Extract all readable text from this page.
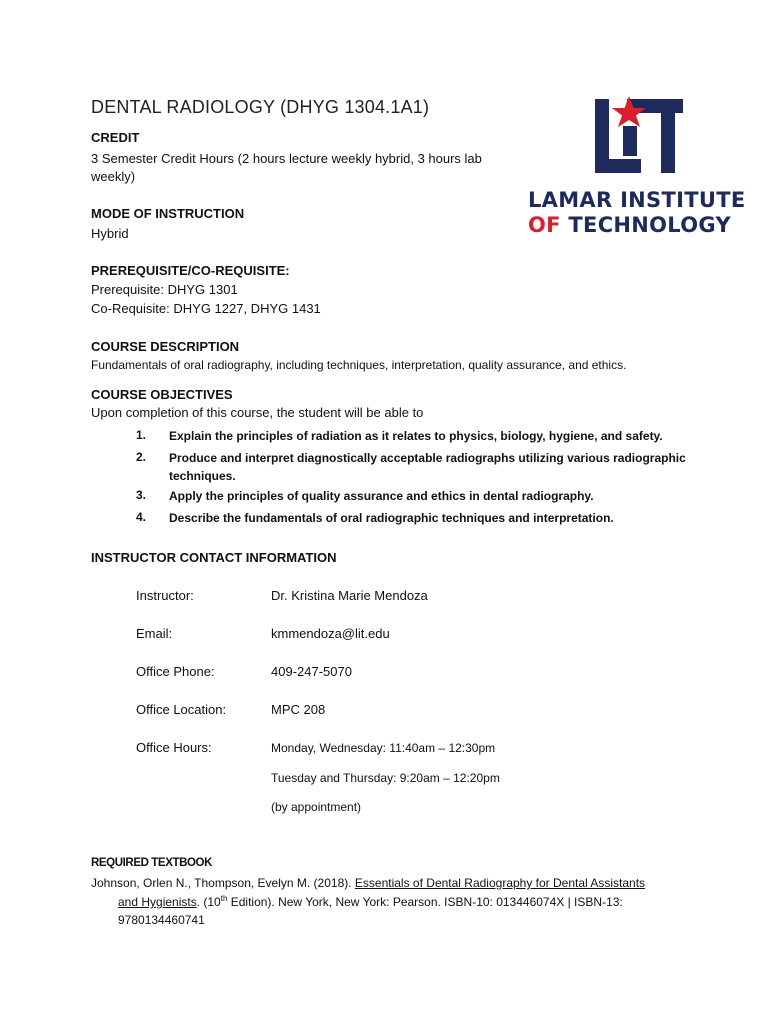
DENTAL RADIOLOGY (DHYG 1304.1A1)
LAMAR INSTITUTE
OF TECHNOLOGY
CREDIT
3 Semester Credit Hours (2 hours lecture weekly hybrid, 3 hours lab
weekly)
MODE OF INSTRUCTION
Hybrid
PREREQUISITE/CO-REQUISITE:
Prerequisite: DHYG 1301
Co-Requisite: DHYG 1227, DHYG 1431
COURSE DESCRIPTION
Fundamentals of oral radiography, including techniques, interpretation, quality assurance, and ethics.
COURSE OBJECTIVES
Upon completion of this course, the student will be able to
1. Explain the principles of radiation as it relates to physics, biology, hygiene, and safety.
2. Produce and interpret diagnostically acceptable radiographs utilizing various radiographic techniques.
3. Apply the principles of quality assurance and ethics in dental radiography.
4. Describe the fundamentals of oral radiographic techniques and interpretation.
INSTRUCTOR CONTACT INFORMATION
Instructor:	Dr. Kristina Marie Mendoza
Email:	kmmendoza@lit.edu
Office Phone:	409-247-5070
Office Location:	MPC 208
Office Hours:	Monday, Wednesday: 11:40am – 12:30pm
Tuesday and Thursday: 9:20am – 12:20pm
(by appointment)
REQUIRED TEXTBOOK
Johnson, Orlen N., Thompson, Evelyn M. (2018). Essentials of Dental Radiography for Dental Assistants
and Hygienists. (10th Edition). New York, New York: Pearson. ISBN-10: 013446074X | ISBN-13:
9780134460741
